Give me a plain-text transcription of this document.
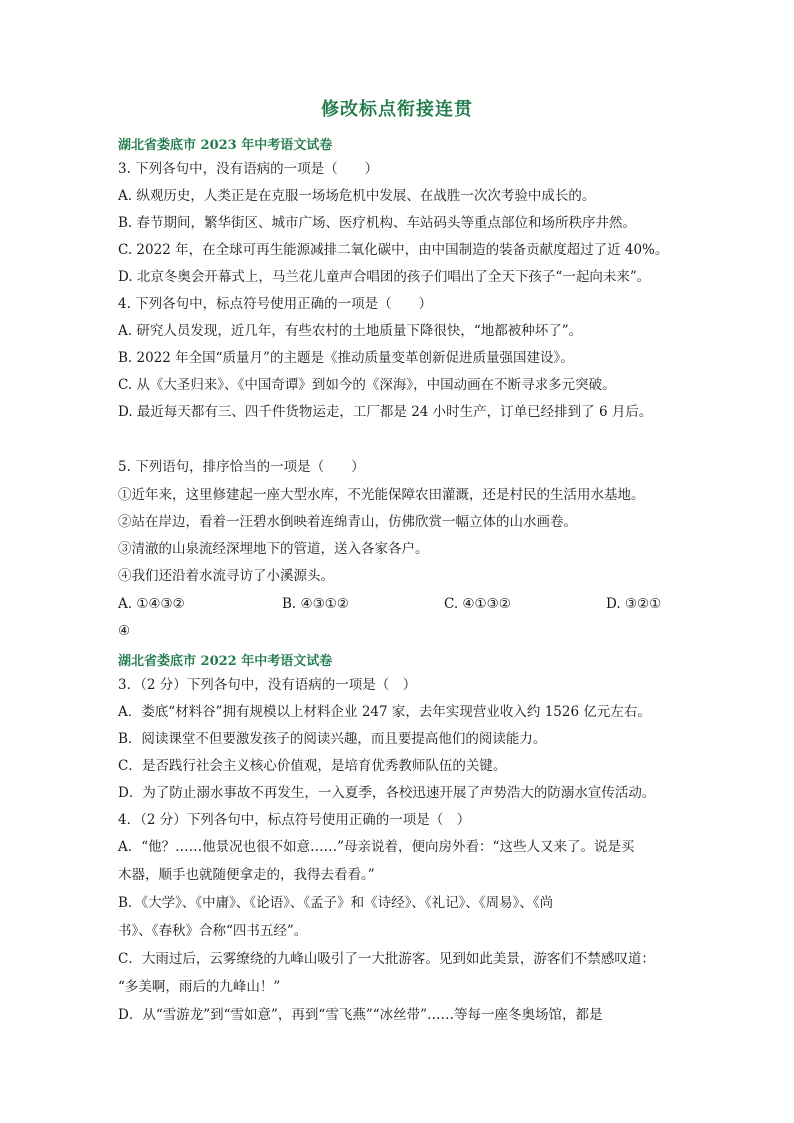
修改标点衔接连贯

湖北省娄底市 2023 年中考语文试卷

3. 下列各句中，没有语病的一项是（　　）

A. 纵观历史，人类正是在克服一场场危机中发展、在战胜一次次考验中成长的。

B. 春节期间，繁华街区、城市广场、医疗机构、车站码头等重点部位和场所秩序井然。

C. 2022 年，在全球可再生能源减排二氧化碳中，由中国制造的装备贡献度超过了近 40%。

D. 北京冬奥会开幕式上，马兰花儿童声合唱团的孩子们唱出了全天下孩子“一起向未来”。

4. 下列各句中，标点符号使用正确的一项是（　　）

A. 研究人员发现，近几年，有些农村的土地质量下降很快，“地都被种坏了”。

B. 2022 年全国“质量月”的主题是《推动质量变革创新促进质量强国建设》。

C. 从《大圣归来》、《中国奇谭》到如今的《深海》，中国动画在不断寻求多元突破。

D. 最近每天都有三、四千件货物运走，工厂都是 24 小时生产，订单已经排到了 6 月后。

5. 下列语句，排序恰当的一项是（　　）

①近年来，这里修建起一座大型水库，不光能保障农田灌溉，还是村民的生活用水基地。

②站在岸边，看着一汪碧水倒映着连绵青山，仿佛欣赏一幅立体的山水画卷。

③清澈的山泉流经深埋地下的管道，送入各家各户。

④我们还沿着水流寻访了小溪源头。

A. ①④③②	B. ④③①②	C. ④①③②	D. ③②①

④

湖北省娄底市 2022 年中考语文试卷

3．（2 分）下列各句中，没有语病的一项是（　）

A．娄底“材料谷”拥有规模以上材料企业 247 家，去年实现营业收入约 1526 亿元左右。

B．阅读课堂不但要激发孩子的阅读兴趣，而且要提高他们的阅读能力。

C．是否践行社会主义核心价值观，是培育优秀教师队伍的关键。

D．为了防止溺水事故不再发生，一入夏季，各校迅速开展了声势浩大的防溺水宣传活动。

4．（2 分）下列各句中，标点符号使用正确的一项是（　）

A．“他？……他景况也很不如意……”母亲说着，便向房外看：“这些人又来了。说是买

木器，顺手也就随便拿走的，我得去看看。”

B．《大学》、《中庸》、《论语》、《孟子》和《诗经》、《礼记》、《周易》、《尚

书》、《春秋》合称“四书五经”。

C．大雨过后，云雾缭绕的九峰山吸引了一大批游客。见到如此美景，游客们不禁感叹道：

“多美啊，雨后的九峰山！”

D．从“雪游龙”到“雪如意”，再到“雪飞燕”“冰丝带”……等每一座冬奥场馆，都是
